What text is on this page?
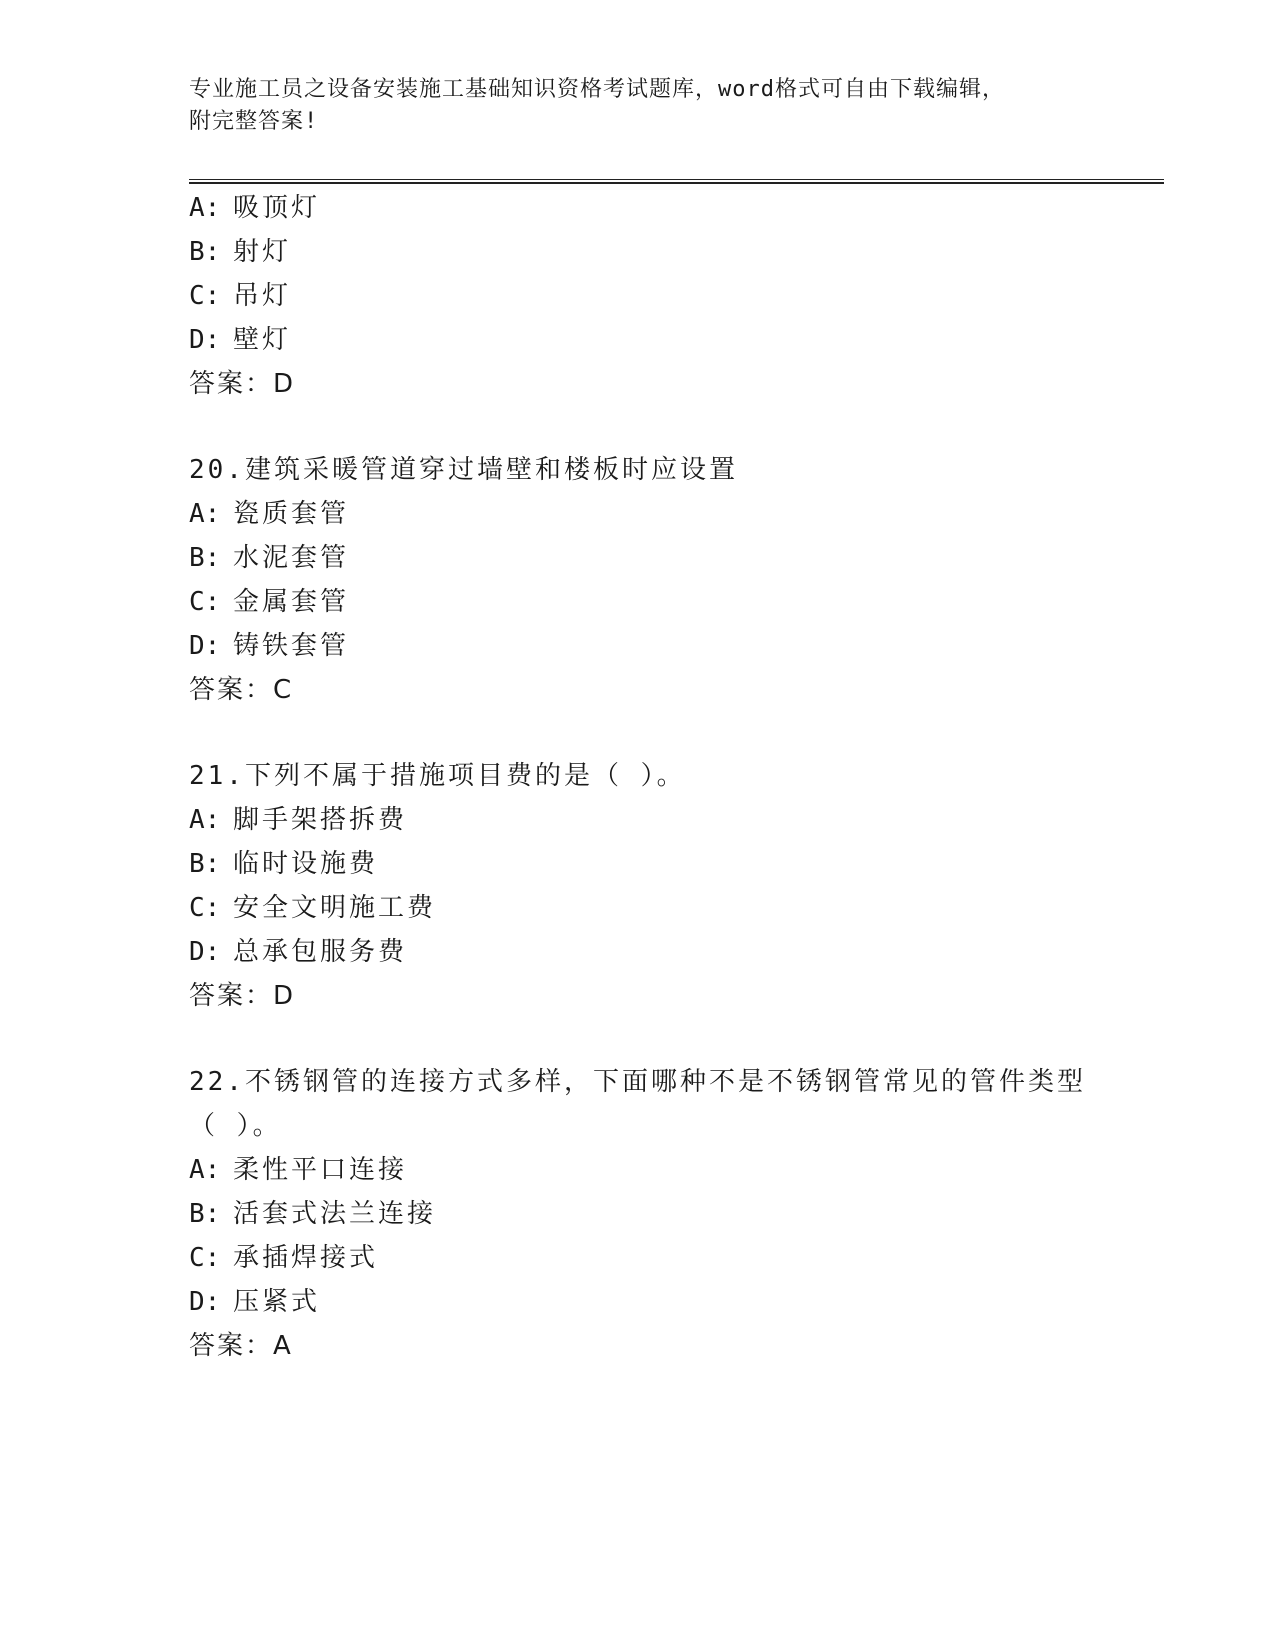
专业施工员之设备安装施工基础知识资格考试题库，word格式可自由下载编辑，
附完整答案!
A: 吸顶灯
B: 射灯
C: 吊灯
D: 壁灯
答案：D
20.建筑采暖管道穿过墙壁和楼板时应设置
A: 瓷质套管
B: 水泥套管
C: 金属套管
D: 铸铁套管
答案：C
21.下列不属于措施项目费的是（ ）。
A: 脚手架搭拆费
B: 临时设施费
C: 安全文明施工费
D: 总承包服务费
答案：D
22.不锈钢管的连接方式多样，下面哪种不是不锈钢管常见的管件类型
（ ）。
A: 柔性平口连接
B: 活套式法兰连接
C: 承插焊接式
D: 压紧式
答案：A
